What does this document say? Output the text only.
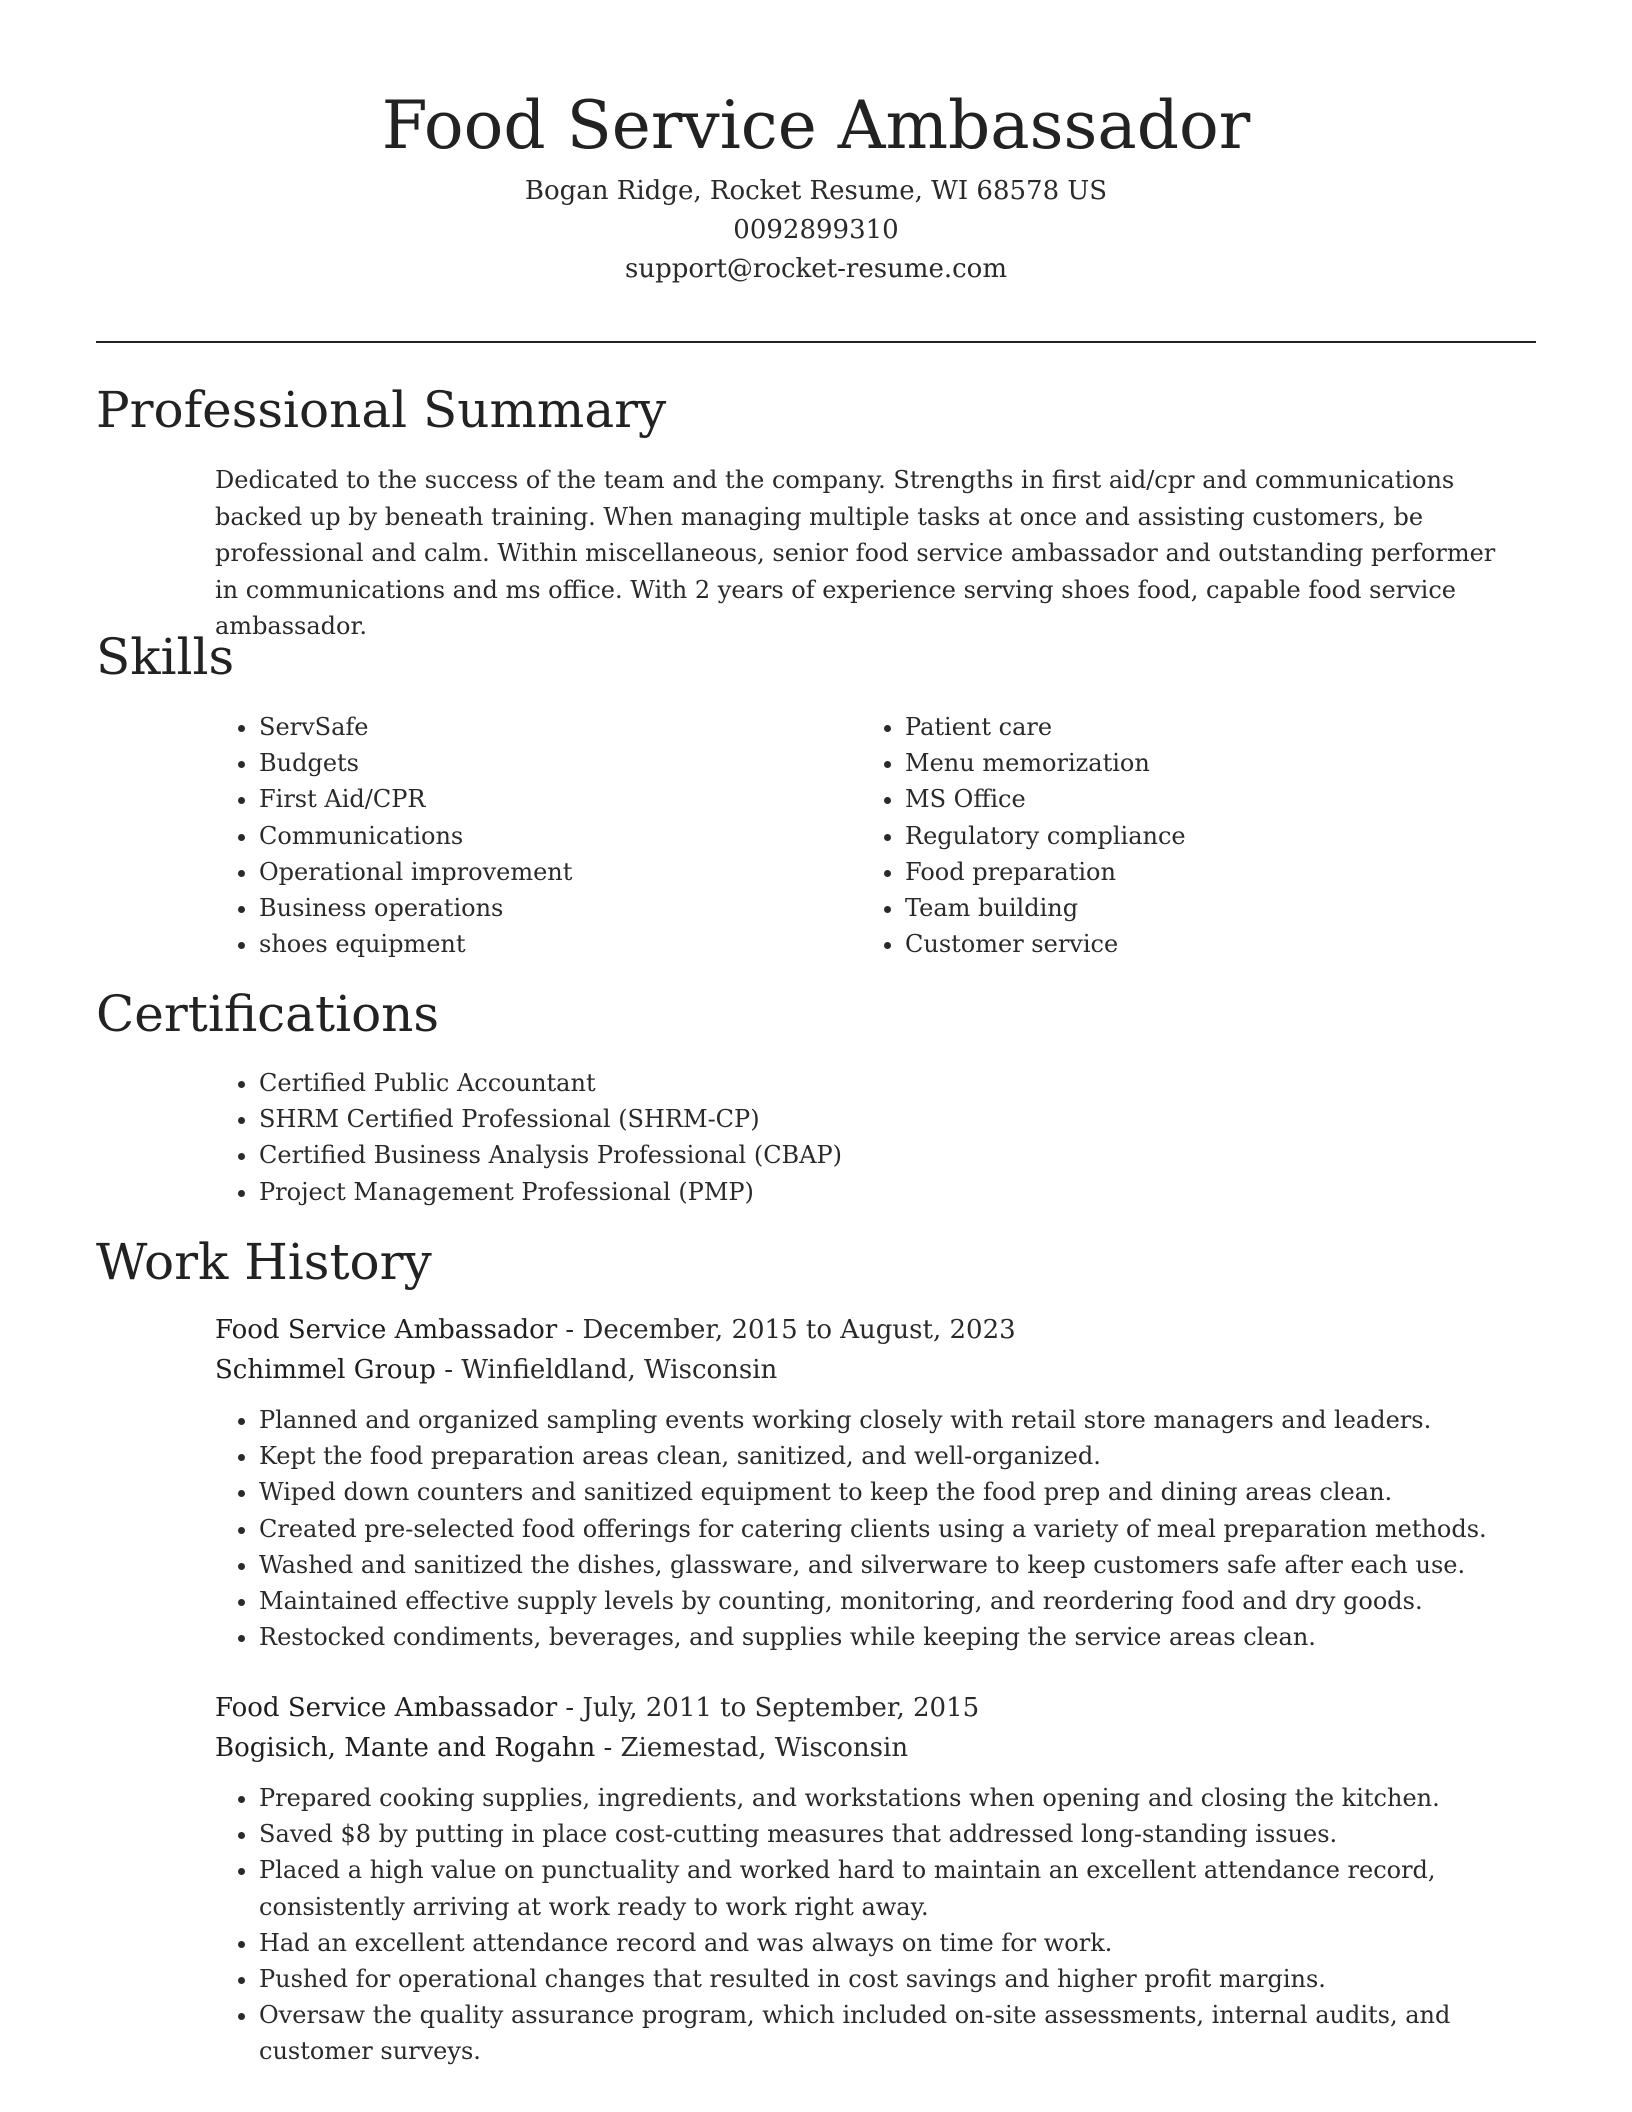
Food Service Ambassador
Bogan Ridge, Rocket Resume, WI 68578 US
0092899310
support@rocket-resume.com
Professional Summary

Dedicated to the success of the team and the company. Strengths in first aid/cpr and communications backed up by beneath training. When managing multiple tasks at once and assisting customers, be professional and calm. Within miscellaneous, senior food service ambassador and outstanding performer in communications and ms office. With 2 years of experience serving shoes food, capable food service ambassador.

Skills
• ServSafe
• Budgets
• First Aid/CPR
• Communications
• Operational improvement
• Business operations
• shoes equipment
• Patient care
• Menu memorization
• MS Office
• Regulatory compliance
• Food preparation
• Team building
• Customer service
Certifications
• Certified Public Accountant
• SHRM Certified Professional (SHRM-CP)
• Certified Business Analysis Professional (CBAP)
• Project Management Professional (PMP)
Work History
Food Service Ambassador - December, 2015 to August, 2023
Schimmel Group - Winfieldland, Wisconsin
• Planned and organized sampling events working closely with retail store managers and leaders.
• Kept the food preparation areas clean, sanitized, and well-organized.
• Wiped down counters and sanitized equipment to keep the food prep and dining areas clean.
• Created pre-selected food offerings for catering clients using a variety of meal preparation methods.
• Washed and sanitized the dishes, glassware, and silverware to keep customers safe after each use.
• Maintained effective supply levels by counting, monitoring, and reordering food and dry goods.
• Restocked condiments, beverages, and supplies while keeping the service areas clean.
Food Service Ambassador - July, 2011 to September, 2015
Bogisich, Mante and Rogahn - Ziemestad, Wisconsin
• Prepared cooking supplies, ingredients, and workstations when opening and closing the kitchen.
• Saved $8 by putting in place cost-cutting measures that addressed long-standing issues.
• Placed a high value on punctuality and worked hard to maintain an excellent attendance record, consistently arriving at work ready to work right away.
• Had an excellent attendance record and was always on time for work.
• Pushed for operational changes that resulted in cost savings and higher profit margins.
• Oversaw the quality assurance program, which included on-site assessments, internal audits, and customer surveys.
